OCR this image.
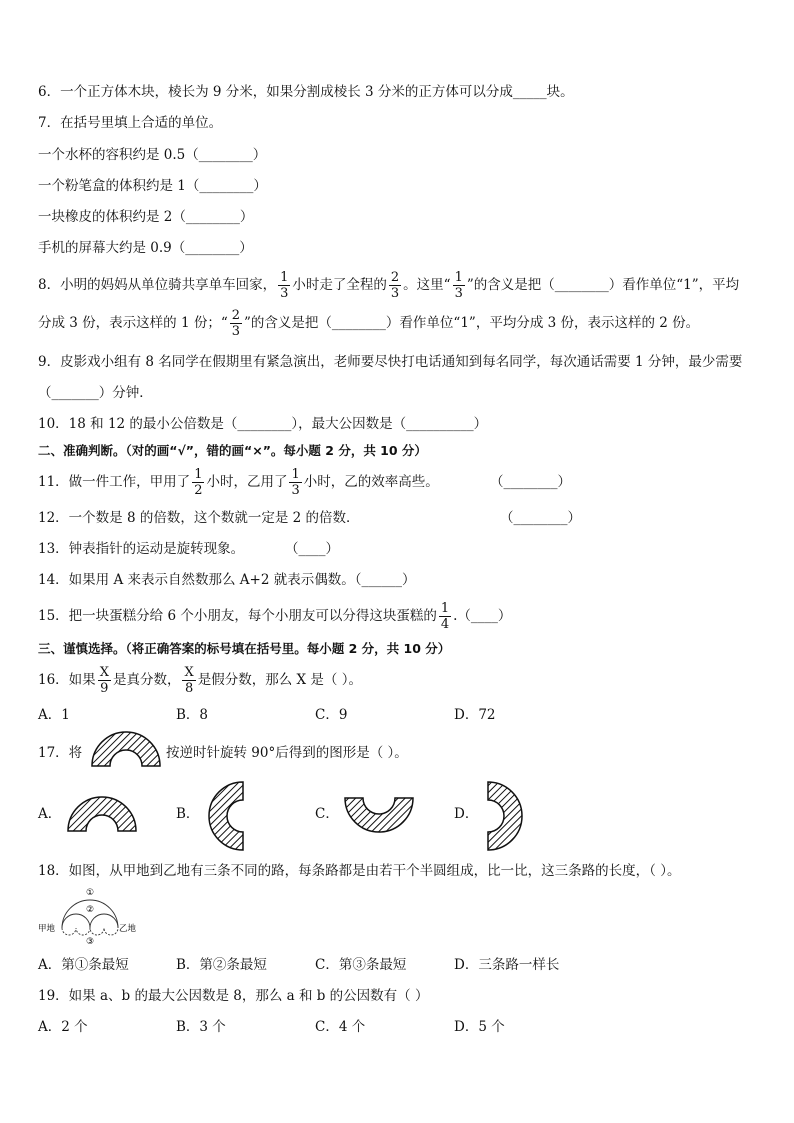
6．一个正方体木块，棱长为 9 分米，如果分割成棱长 3 分米的正方体可以分成_____块。
7．在括号里填上合适的单位。
一个水杯的容积约是 0.5（________）
一个粉笔盒的体积约是 1（________）
一块橡皮的体积约是 2（________）
手机的屏幕大约是 0.9（________）
8．小明的妈妈从单位骑共享单车回家， $\frac{1}{3}$ 小时走了全程的 $\frac{2}{3}$ 。这里“ $\frac{1}{3}$ ”的含义是把（________）看作单位“1”，平均
分成 3 份，表示这样的 1 份；“ $\frac{2}{3}$ ”的含义是把（________）看作单位“1”，平均分成 3 份，表示这样的 2 份。
9．皮影戏小组有 8 名同学在假期里有紧急演出，老师要尽快打电话通知到每名同学，每次通话需要 1 分钟，最少需要
（_______）分钟．
10．18 和 12 的最小公倍数是（________），最大公因数是（__________）
二、准确判断。（对的画“√”，错的画“×”。每小题 2 分，共 10 分）
11．做一件工作，甲用了 $\frac{1}{2}$ 小时，乙用了 $\frac{1}{3}$ 小时，乙的效率高些。	（________）
12．一个数是 8 的倍数，这个数就一定是 2 的倍数．	（________）
13．钟表指针的运动是旋转现象。	（____）
14．如果用 A 来表示自然数那么 A+2 就表示偶数。（______）
15．把一块蛋糕分给 6 个小朋友，每个小朋友可以分得这块蛋糕的 $\frac{1}{4}$ .（____）
三、谨慎选择。（将正确答案的标号填在括号里。每小题 2 分，共 10 分）
16．如果 $\frac{X}{9}$ 是真分数， $\frac{X}{8}$ 是假分数，那么 X 是（ ）。
A．1	B．8	C．9	D．72
17．将	按逆时针旋转 90°后得到的图形是（ ）。
A．	B．	C．	D．
18．如图，从甲地到乙地有三条不同的路，每条路都是由若干个半圆组成，比一比，这三条路的长度，（ ）。
①
②
③
甲地	乙地
A．第①条最短	B．第②条最短	C．第③条最短	D．三条路一样长
19．如果 a、b 的最大公因数是 8，那么 a 和 b 的公因数有（ ）
A．2 个	B．3 个	C．4 个	D．5 个
